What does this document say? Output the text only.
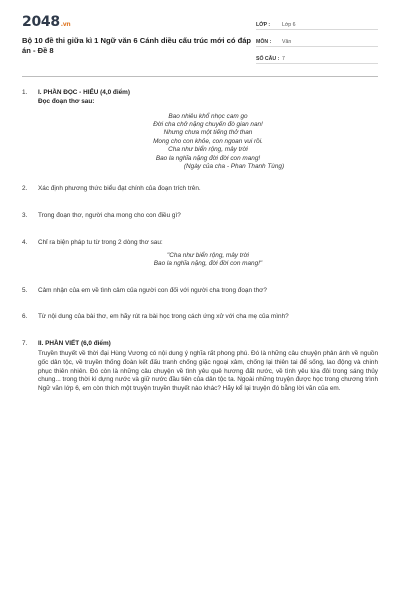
2048.vn
Bộ 10 đề thi giữa kì 1 Ngữ văn 6 Cánh diều cấu trúc mới có đáp án - Đề 8
LỚP :	Lớp 6
MÔN :	Văn
SỐ CÂU : 7
1.	I. PHẦN ĐỌC - HIỂU (4,0 điểm)
Đọc đoạn thơ sau:
Bao nhiêu khổ nhọc cam go
Đời cha chở nặng chuyến đò gian nan!
Nhưng chưa một tiếng thở than
Mong cho con khỏe, con ngoan vui rồi.
Cha như biển rộng, mây trời
Bao la nghĩa nặng đời đời con mang!
(Ngày của cha - Phan Thanh Tùng)
2.	Xác định phương thức biểu đạt chính của đoạn trích trên.
3.	Trong đoạn thơ, người cha mong cho con điều gì?
4.	Chỉ ra biện pháp tu từ trong 2 dòng thơ sau:
"Cha như biển rộng, mây trời
Bao la nghĩa nặng, đời đời con mang!"
5.	Cảm nhận của em về tình cảm của người con đối với người cha trong đoạn thơ?
6.	Từ nội dung của bài thơ, em hãy rút ra bài học trong cách ứng xử với cha mẹ của mình?
7.	II. PHẦN VIẾT (6,0 điểm)
Truyền thuyết về thời đại Hùng Vương có nội dung ý nghĩa rất phong phú. Đó là những câu chuyện phản ánh về nguồn gốc dân tộc, về truyền thống đoàn kết đấu tranh chống giặc ngoại xâm, chống lại thiên tai để sống, lao động và chinh phục thiên nhiên. Đó còn là những câu chuyện về tình yêu quê hương đất nước, về tình yêu lứa đôi trong sáng thủy chung... trong thời kì dựng nước và giữ nước đầu tiên của dân tộc ta. Ngoài những truyện được học trong chương trình Ngữ văn lớp 6, em còn thích một truyện truyền thuyết nào khác? Hãy kể lại truyện đó bằng lời văn của em.
